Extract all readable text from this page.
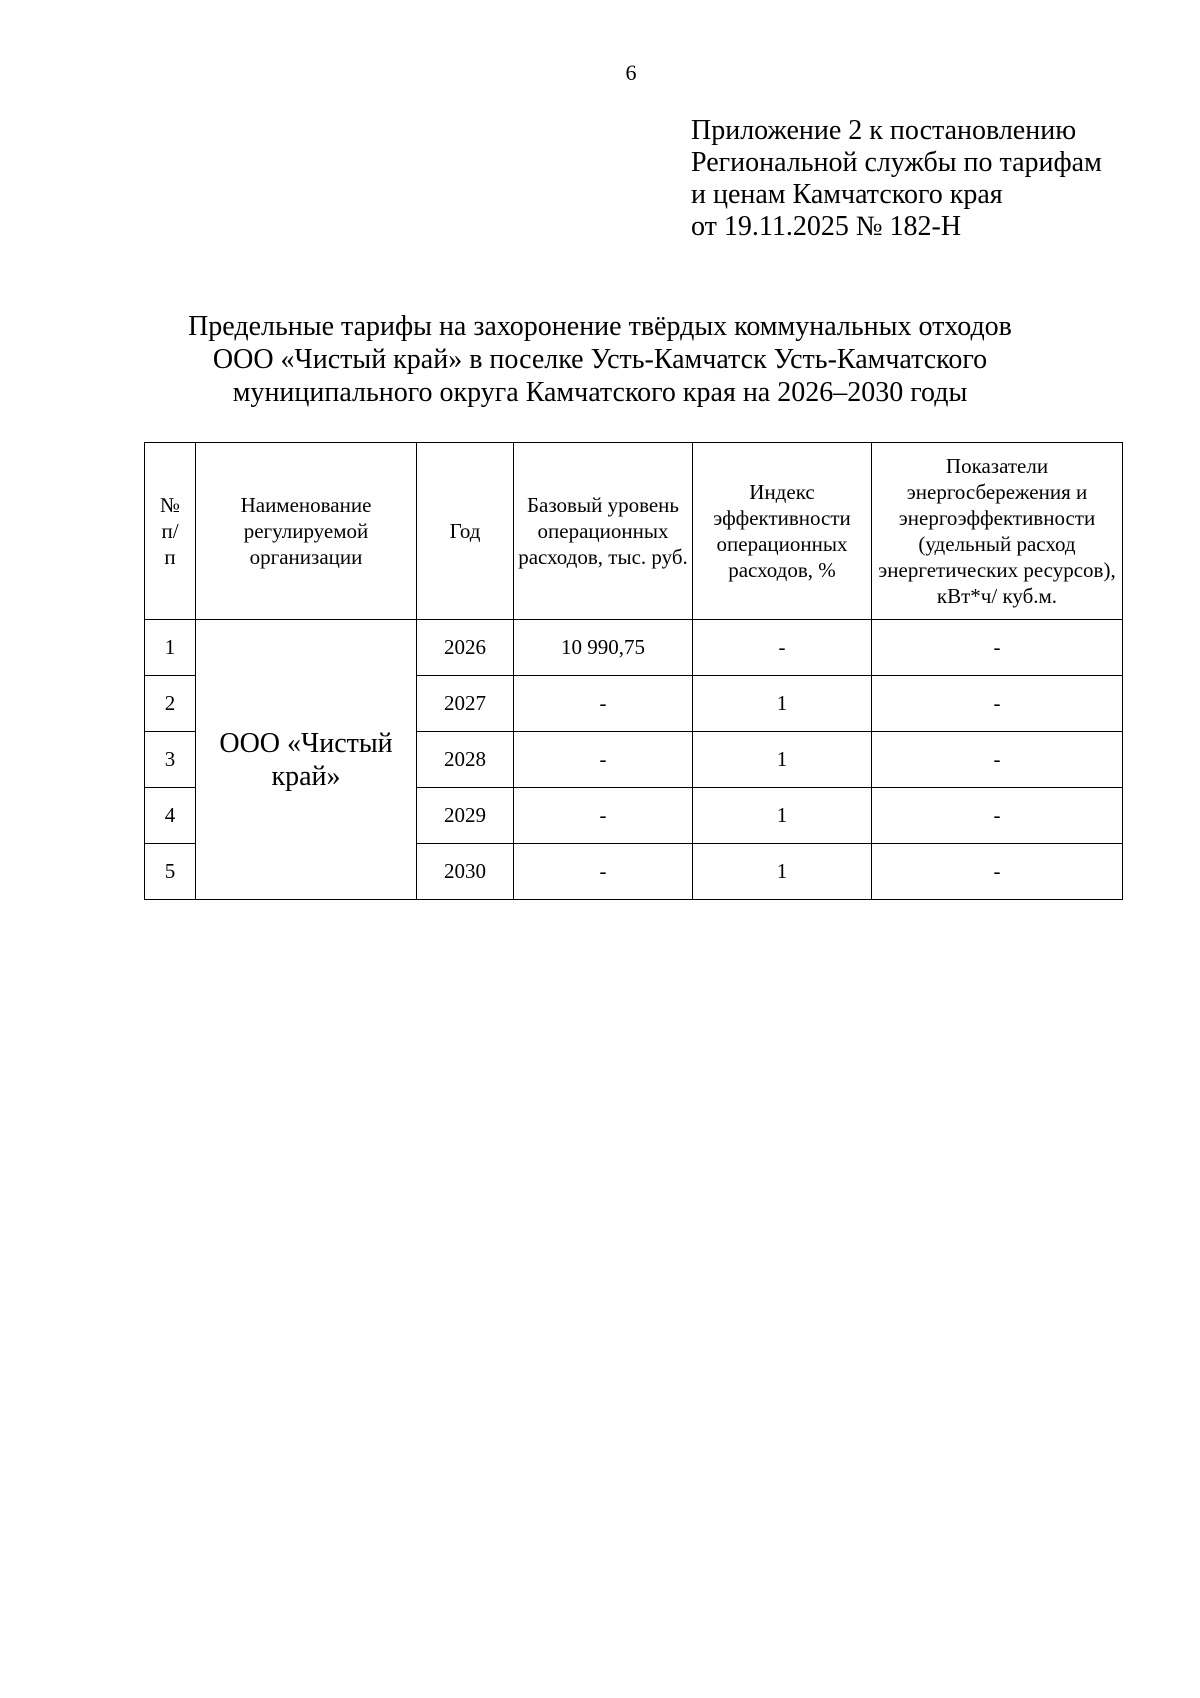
6
Приложение 2 к постановлению
Региональной службы по тарифам
и ценам Камчатского края
от 19.11.2025 № 182-Н
Предельные тарифы на захоронение твёрдых коммунальных отходов
ООО «Чистый край» в поселке Усть-Камчатск Усть-Камчатского
муниципального округа Камчатского края на 2026–2030 годы
№ п/п	Наименование регулируемой организации	Год	Базовый уровень операционных расходов, тыс. руб.	Индекс эффективности операционных расходов, %	Показатели энергосбережения и энергоэффективности (удельный расход энергетических ресурсов), кВт*ч/ куб.м.
1	ООО «Чистый край»	2026	10 990,75	-	-
2		2027	-	1	-
3		2028	-	1	-
4		2029	-	1	-
5		2030	-	1	-
